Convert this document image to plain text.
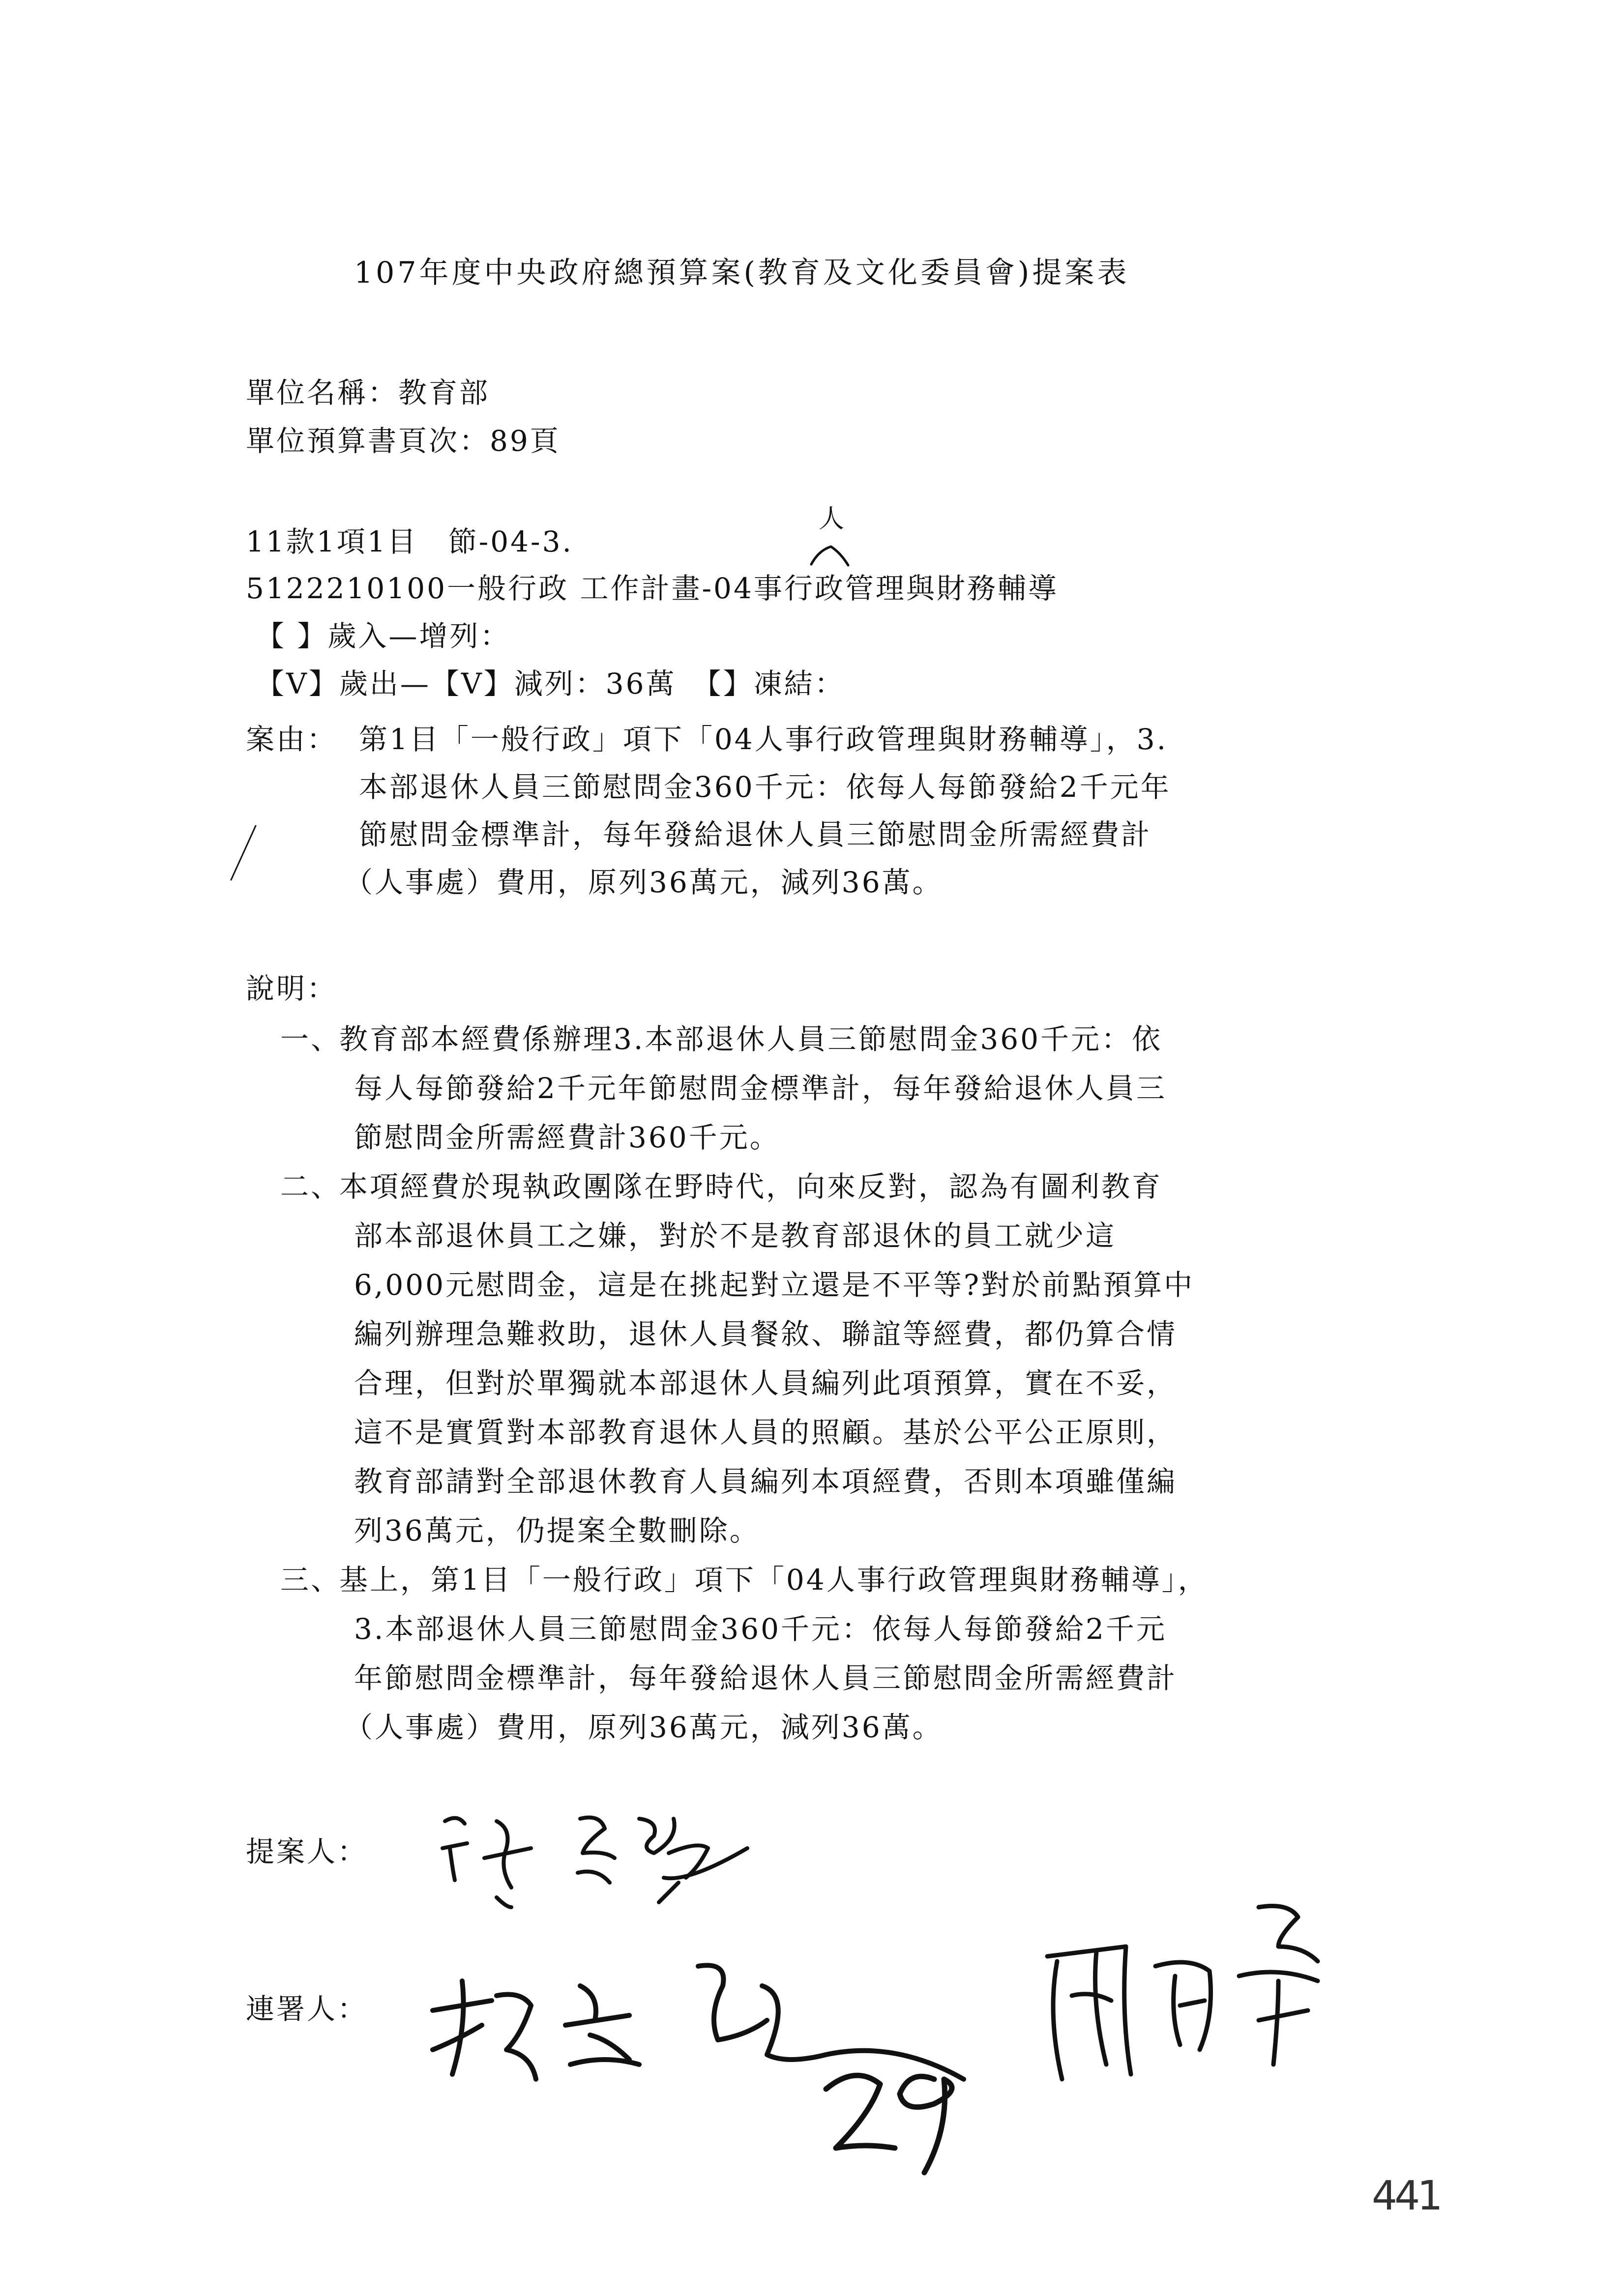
107年度中央政府總預算案(教育及文化委員會)提案表
單位名稱：教育部
單位預算書頁次：89頁
11款1項1目　節-04-3.
人
5122210100一般行政 工作計畫-04事行政管理與財務輔導
【 】歲入—增列：
【V】歲出—【V】減列：36萬　【】凍結：
案由： 第1目「一般行政」項下「04人事行政管理與財務輔導」，3.
本部退休人員三節慰問金360千元：依每人每節發給2千元年
節慰問金標準計，每年發給退休人員三節慰問金所需經費計
（人事處）費用，原列36萬元，減列36萬。
說明：
一、
教育部本經費係辦理3.本部退休人員三節慰問金360千元：依
每人每節發給2千元年節慰問金標準計，每年發給退休人員三
節慰問金所需經費計360千元。
二、
本項經費於現執政團隊在野時代，向來反對，認為有圖利教育
部本部退休員工之嫌，對於不是教育部退休的員工就少這
6,000元慰問金，這是在挑起對立還是不平等?對於前點預算中
編列辦理急難救助，退休人員餐敘、聯誼等經費，都仍算合情
合理，但對於單獨就本部退休人員編列此項預算，實在不妥，
這不是實質對本部教育退休人員的照顧。基於公平公正原則，
教育部請對全部退休教育人員編列本項經費，否則本項雖僅編
列36萬元，仍提案全數刪除。
三、
基上，第1目「一般行政」項下「04人事行政管理與財務輔導」，
3.本部退休人員三節慰問金360千元：依每人每節發給2千元
年節慰問金標準計，每年發給退休人員三節慰問金所需經費計
（人事處）費用，原列36萬元，減列36萬。
提案人：
連署人：
441
